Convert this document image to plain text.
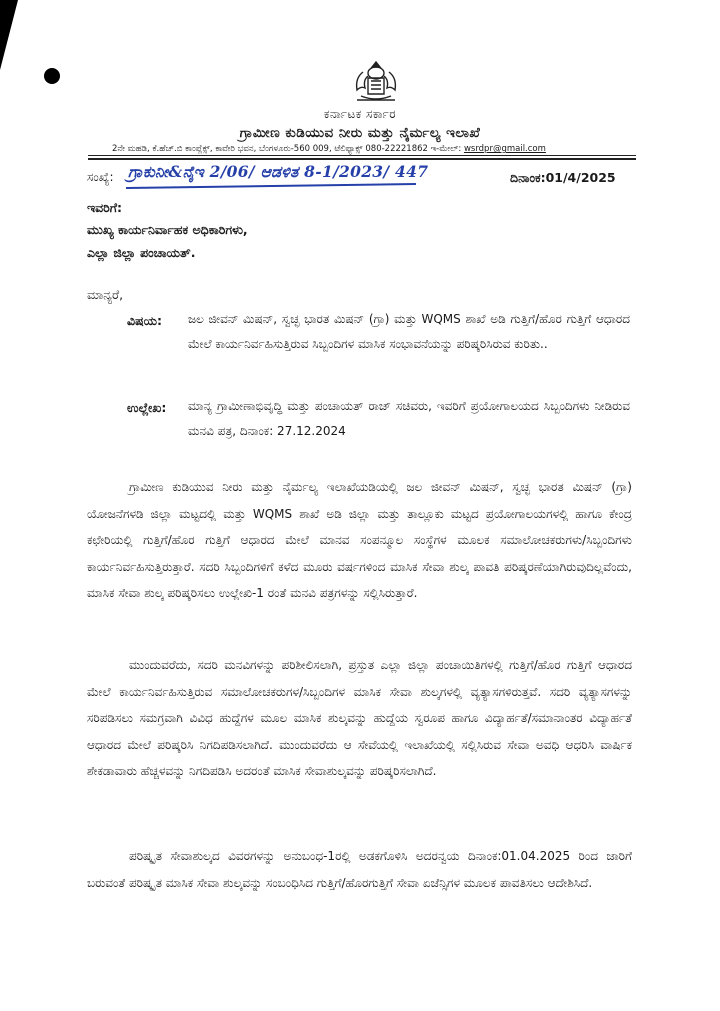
ಕರ್ನಾಟಕ ಸರ್ಕಾರ
ಗ್ರಾಮೀಣ ಕುಡಿಯುವ ನೀರು ಮತ್ತು ನೈರ್ಮಲ್ಯ ಇಲಾಖೆ
2ನೇ ಮಹಡಿ, ಕೆ.ಹೆಚ್.ಬಿ ಕಾಂಪ್ಲೆಕ್ಸ್, ಕಾವೇರಿ ಭವನ, ಬೆಂಗಳೂರು-560 009, ಟೆಲಿಫ್ಯಾಕ್ಸ್ 080-22221862 ಇ-ಮೇಲ್: wsrdpr@gmail.com
ಸಂಖ್ಯೆ: ಗ್ರಾಕುನೀ&ನೈಇ 2/06/ ಆಡಳಿತ 8-1/2023/ 447	ದಿನಾಂಕ:01/4/2025
ಇವರಿಗೆ:
ಮುಖ್ಯ ಕಾರ್ಯನಿರ್ವಾಹಕ ಅಧಿಕಾರಿಗಳು,
ಎಲ್ಲಾ ಜಿಲ್ಲಾ ಪಂಚಾಯತ್.
ಮಾನ್ಯರೆ,
ವಿಷಯ: ಜಲ ಜೀವನ್ ಮಿಷನ್, ಸ್ವಚ್ಛ ಭಾರತ ಮಿಷನ್ (ಗ್ರಾ) ಮತ್ತು WQMS ಶಾಖೆ ಅಡಿ ಗುತ್ತಿಗೆ/ಹೊರ ಗುತ್ತಿಗೆ ಆಧಾರದ ಮೇಲೆ ಕಾರ್ಯನಿರ್ವಹಿಸುತ್ತಿರುವ ಸಿಬ್ಬಂದಿಗಳ ಮಾಸಿಕ ಸಂಭಾವನೆಯನ್ನು ಪರಿಷ್ಕರಿಸಿರುವ ಕುರಿತು..
ಉಲ್ಲೇಖ: ಮಾನ್ಯ ಗ್ರಾಮೀಣಾಭಿವೃದ್ಧಿ ಮತ್ತು ಪಂಚಾಯತ್ ರಾಜ್ ಸಚಿವರು, ಇವರಿಗೆ ಪ್ರಯೋಗಾಲಯದ ಸಿಬ್ಬಂದಿಗಳು ನೀಡಿರುವ ಮನವಿ ಪತ್ರ, ದಿನಾಂಕ: 27.12.2024
ಗ್ರಾಮೀಣ ಕುಡಿಯುವ ನೀರು ಮತ್ತು ನೈರ್ಮಲ್ಯ ಇಲಾಖೆಯಡಿಯಲ್ಲಿ ಜಲ ಜೀವನ್ ಮಿಷನ್, ಸ್ವಚ್ಛ ಭಾರತ ಮಿಷನ್ (ಗ್ರಾ) ಯೋಜನೆಗಳಡಿ ಜಿಲ್ಲಾ ಮಟ್ಟದಲ್ಲಿ ಮತ್ತು WQMS ಶಾಖೆ ಅಡಿ ಜಿಲ್ಲಾ ಮತ್ತು ತಾಲ್ಲೂಕು ಮಟ್ಟದ ಪ್ರಯೋಗಾಲಯಗಳಲ್ಲಿ ಹಾಗೂ ಕೇಂದ್ರ ಕಛೇರಿಯಲ್ಲಿ ಗುತ್ತಿಗೆ/ಹೊರ ಗುತ್ತಿಗೆ ಆಧಾರದ ಮೇಲೆ ಮಾನವ ಸಂಪನ್ಮೂಲ ಸಂಸ್ಥೆಗಳ ಮೂಲಕ ಸಮಾಲೋಚಕರುಗಳು/ಸಿಬ್ಬಂದಿಗಳು ಕಾರ್ಯನಿರ್ವಹಿಸುತ್ತಿರುತ್ತಾರೆ. ಸದರಿ ಸಿಬ್ಬಂದಿಗಳಿಗೆ ಕಳೆದ ಮೂರು ವರ್ಷಗಳಿಂದ ಮಾಸಿಕ ಸೇವಾ ಶುಲ್ಕ ಪಾವತಿ ಪರಿಷ್ಕರಣೆಯಾಗಿರುವುದಿಲ್ಲವೆಂದು, ಮಾಸಿಕ ಸೇವಾ ಶುಲ್ಕ ಪರಿಷ್ಕರಿಸಲು ಉಲ್ಲೇಖಿ-1 ರಂತೆ ಮನವಿ ಪತ್ರಗಳನ್ನು ಸಲ್ಲಿಸಿರುತ್ತಾರೆ.
ಮುಂದುವರೆದು, ಸದರಿ ಮನವಿಗಳನ್ನು ಪರಿಶೀಲಿಸಲಾಗಿ, ಪ್ರಸ್ತುತ ಎಲ್ಲಾ ಜಿಲ್ಲಾ ಪಂಚಾಯಿತಿಗಳಲ್ಲಿ ಗುತ್ತಿಗೆ/ಹೊರ ಗುತ್ತಿಗೆ ಆಧಾರದ ಮೇಲೆ ಕಾರ್ಯನಿರ್ವಹಿಸುತ್ತಿರುವ ಸಮಾಲೋಚಕರುಗಳ/ಸಿಬ್ಬಂದಿಗಳ ಮಾಸಿಕ ಸೇವಾ ಶುಲ್ಕಗಳಲ್ಲಿ ವ್ಯತ್ಯಾಸಗಳಿರುತ್ತವೆ. ಸದರಿ ವ್ಯತ್ಯಾಸಗಳನ್ನು ಸರಿಪಡಿಸಲು ಸಮಗ್ರವಾಗಿ ವಿವಿಧ ಹುದ್ದೆಗಳ ಮೂಲ ಮಾಸಿಕ ಶುಲ್ಕವನ್ನು ಹುದ್ದೆಯ ಸ್ವರೂಪ ಹಾಗೂ ವಿದ್ಯಾರ್ಹತೆ/ಸಮಾನಾಂತರ ವಿದ್ಯಾರ್ಹತೆ ಆಧಾರದ ಮೇಲೆ ಪರಿಷ್ಕರಿಸಿ ನಿಗದಿಪಡಿಸಲಾಗಿದೆ. ಮುಂದುವರೆದು ಆ ಸೇವೆಯಲ್ಲಿ ಇಲಾಖೆಯಲ್ಲಿ ಸಲ್ಲಿಸಿರುವ ಸೇವಾ ಅವಧಿ ಆಧರಿಸಿ ವಾರ್ಷಿಕ ಶೇಕಡಾವಾರು ಹೆಚ್ಚಳವನ್ನು ನಿಗದಿಪಡಿಸಿ ಅದರಂತೆ ಮಾಸಿಕ ಸೇವಾಶುಲ್ಕವನ್ನು ಪರಿಷ್ಕರಿಸಲಾಗಿದೆ.
ಪರಿಷ್ಕೃತ ಸೇವಾಶುಲ್ಕದ ವಿವರಗಳನ್ನು ಅನುಬಂಧ-1ರಲ್ಲಿ ಅಡಕಗೊಳಿಸಿ ಅದರನ್ವಯ ದಿನಾಂಕ:01.04.2025 ರಿಂದ ಜಾರಿಗೆ ಬರುವಂತೆ ಪರಿಷ್ಕೃತ ಮಾಸಿಕ ಸೇವಾ ಶುಲ್ಕವನ್ನು ಸಂಬಂಧಿಸಿದ ಗುತ್ತಿಗೆ/ಹೊರಗುತ್ತಿಗೆ ಸೇವಾ ಏಜೆನ್ಸಿಗಳ ಮೂಲಕ ಪಾವತಿಸಲು ಆದೇಶಿಸಿದೆ.
